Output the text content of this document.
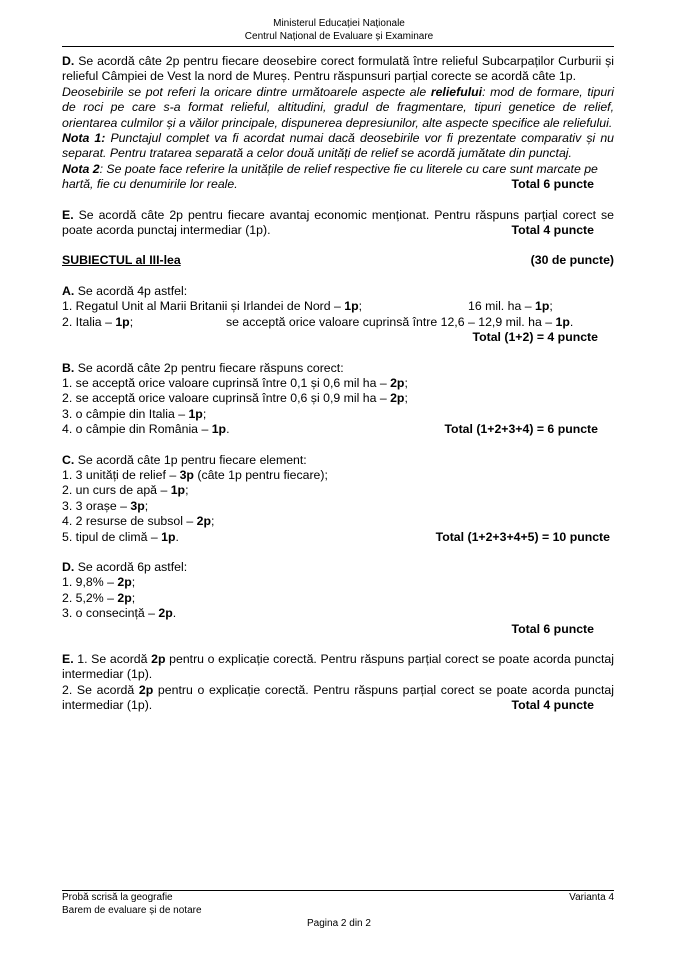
Ministerul Educației Naționale
Centrul Național de Evaluare și Examinare

D. Se acordă câte 2p pentru fiecare deosebire corect formulată între relieful Subcarpaților Curburii și relieful Câmpiei de Vest la nord de Mureș. Pentru răspunsuri parțial corecte se acordă câte 1p.

Deosebirile se pot referi la oricare dintre următoarele aspecte ale reliefului: mod de formare, tipuri de roci pe care s-a format relieful, altitudini, gradul de fragmentare, tipuri genetice de relief, orientarea culmilor și a văilor principale, dispunerea depresiunilor, alte aspecte specifice ale reliefului.

Nota 1: Punctajul complet va fi acordat numai dacă deosebirile vor fi prezentate comparativ și nu separat. Pentru tratarea separată a celor două unități de relief se acordă jumătate din punctaj.

Nota 2: Se poate face referire la unitățile de relief respective fie cu literele cu care sunt marcate pe hartă, fie cu denumirile lor reale.	Total 6 puncte

E. Se acordă câte 2p pentru fiecare avantaj economic menționat. Pentru răspuns parțial corect se poate acorda punctaj intermediar (1p).	Total 4 puncte

SUBIECTUL al III-lea	(30 de puncte)

A. Se acordă 4p astfel:

1. Regatul Unit al Marii Britanii și Irlandei de Nord – 1p;	16 mil. ha – 1p;

2. Italia – 1p;	se acceptă orice valoare cuprinsă între 12,6 – 12,9 mil. ha – 1p.

Total (1+2) = 4 puncte

B. Se acordă câte 2p pentru fiecare răspuns corect:

1. se acceptă orice valoare cuprinsă între 0,1 și 0,6 mil ha – 2p;

2. se acceptă orice valoare cuprinsă între 0,6 și 0,9 mil ha – 2p;

3. o câmpie din Italia – 1p;

4. o câmpie din România – 1p.	Total (1+2+3+4) = 6 puncte

C. Se acordă câte 1p pentru fiecare element:

1. 3 unități de relief – 3p (câte 1p pentru fiecare);

2. un curs de apă – 1p;

3. 3 orașe – 3p;

4. 2 resurse de subsol – 2p;

5. tipul de climă – 1p.	Total (1+2+3+4+5) = 10 puncte

D. Se acordă 6p astfel:

1. 9,8% – 2p;

2. 5,2% – 2p;

3. o consecință – 2p.

Total 6 puncte

E. 1. Se acordă 2p pentru o explicație corectă. Pentru răspuns parțial corect se poate acorda punctaj intermediar (1p).

2. Se acordă 2p pentru o explicație corectă. Pentru răspuns parțial corect se poate acorda punctaj intermediar (1p).	Total 4 puncte

Probă scrisă la geografie
Barem de evaluare și de notare
Varianta 4
Pagina 2 din 2
